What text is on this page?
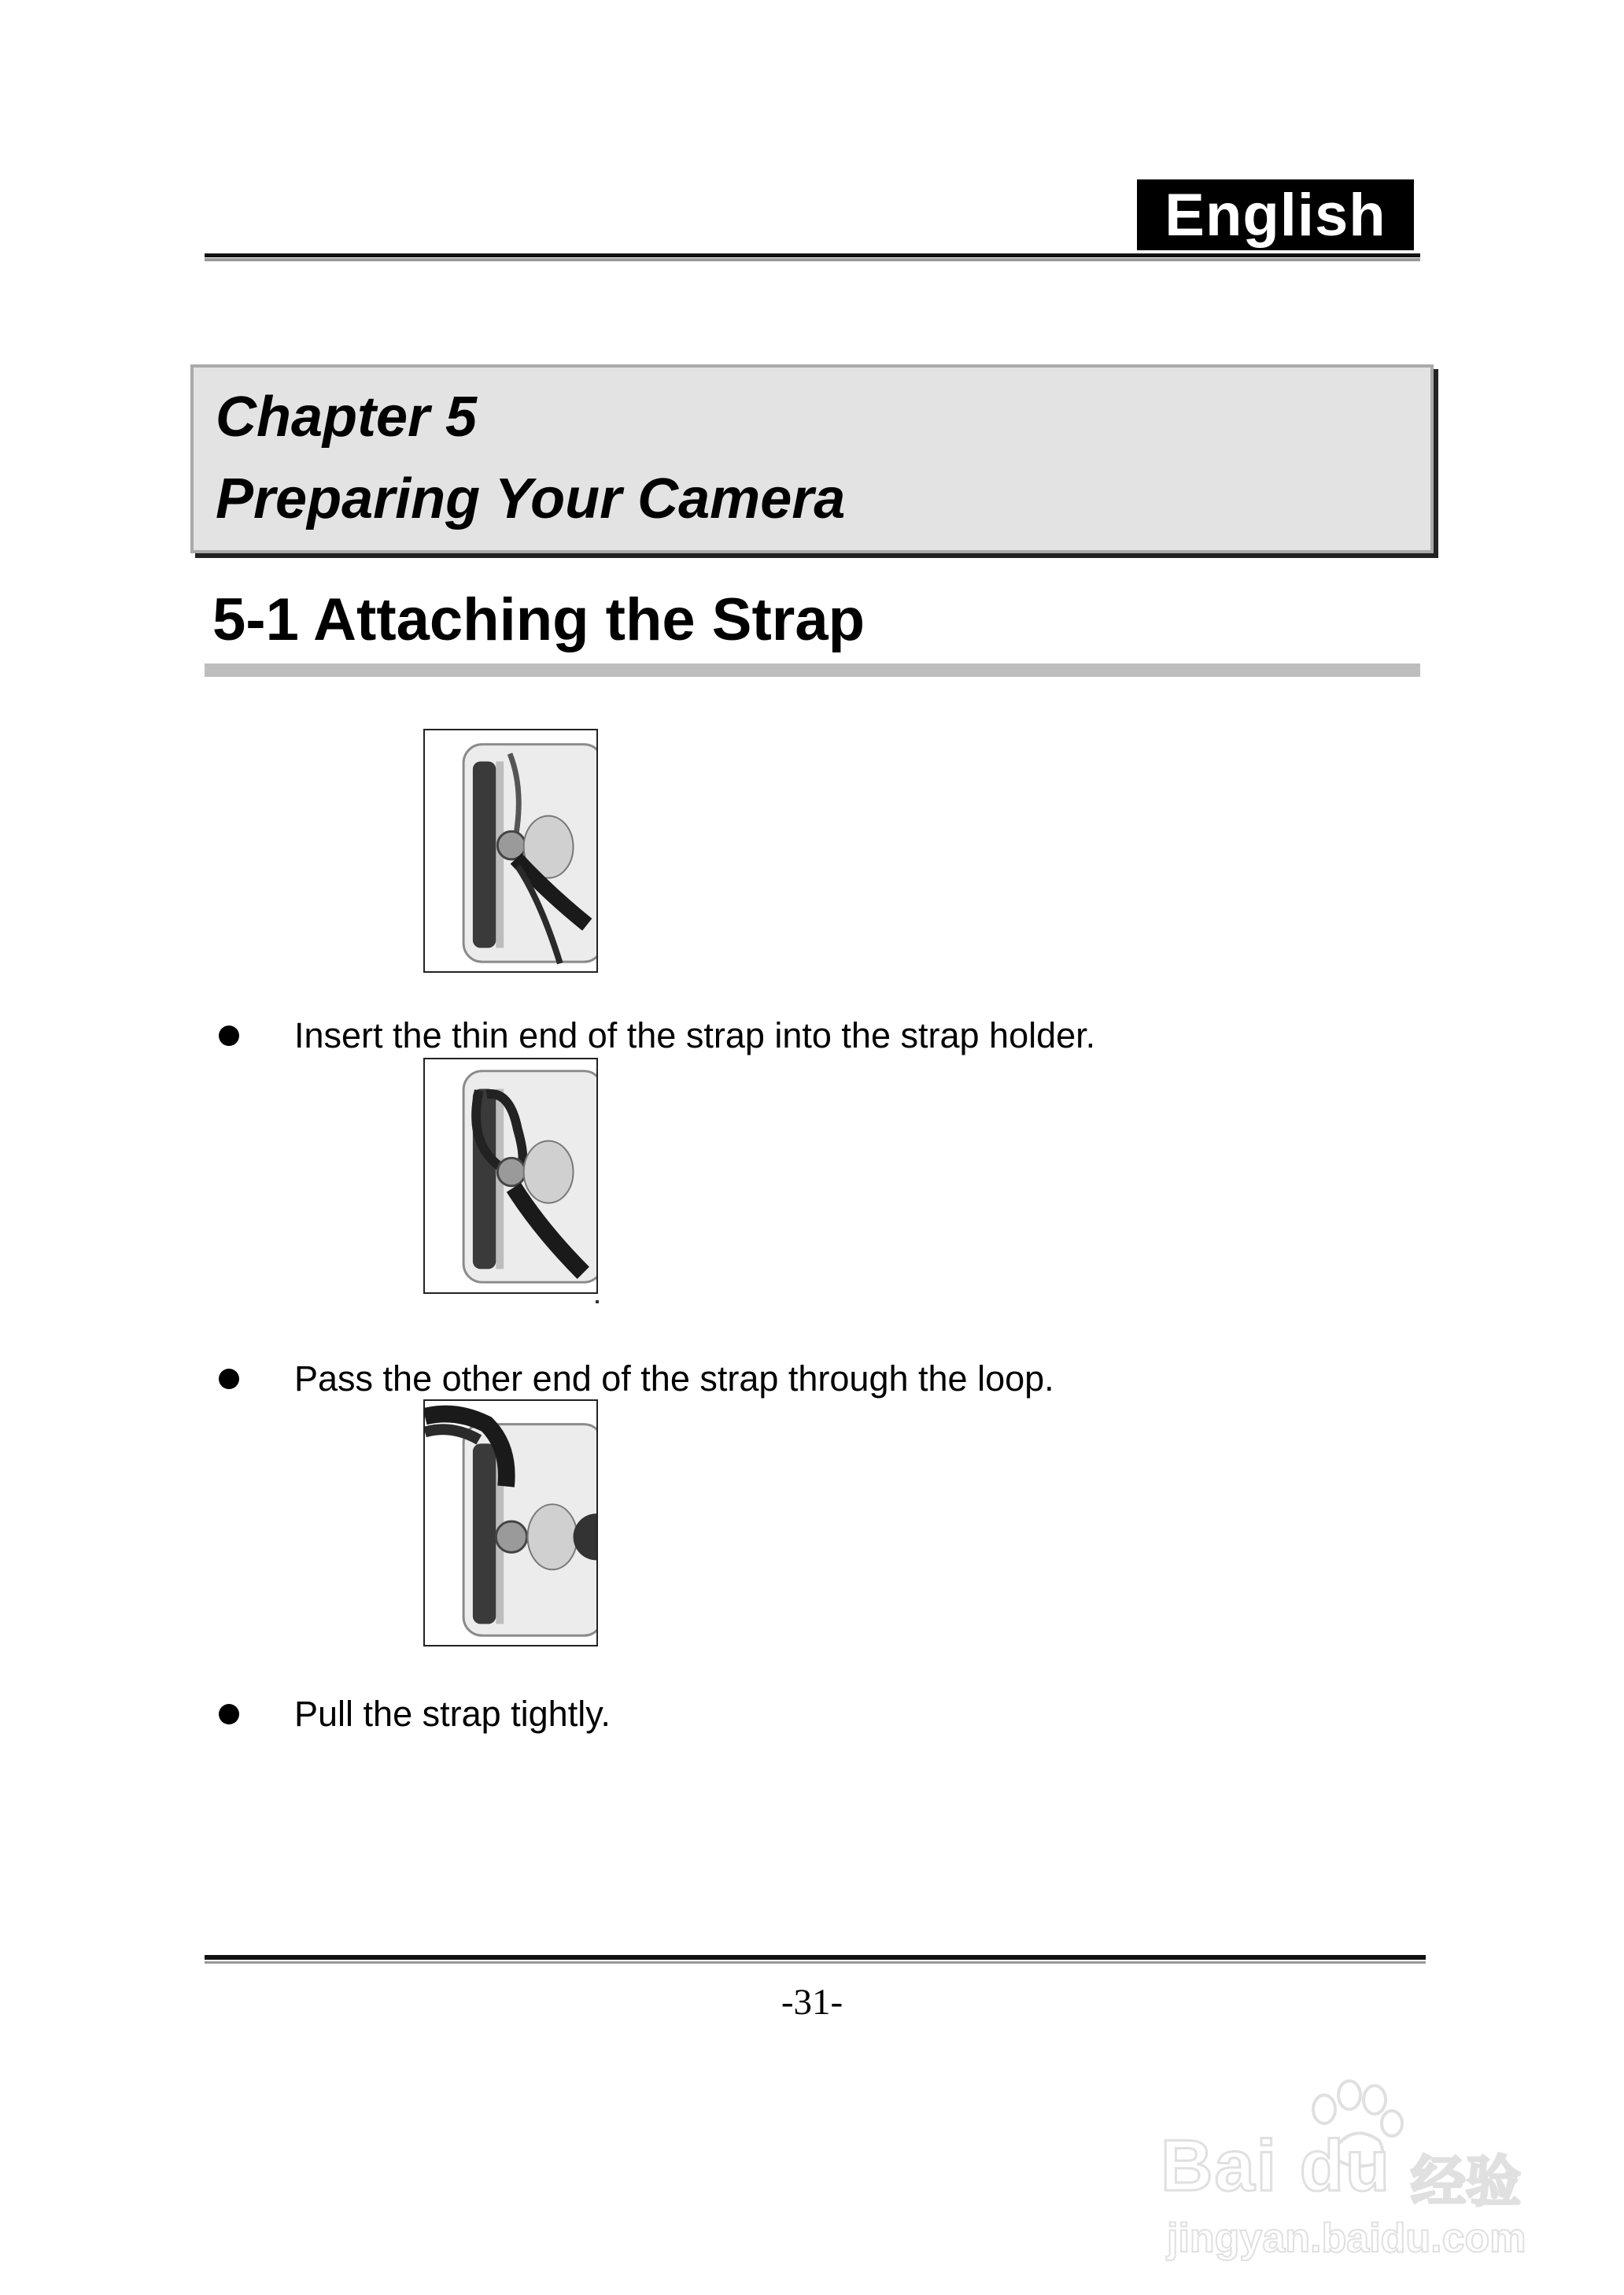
English
Chapter 5
Preparing Your Camera
5-1 Attaching the Strap
Insert the thin end of the strap into the strap holder.
Pass the other end of the strap through the loop.
Pull the strap tightly.
-31-
Bai du 经验
jingyan.baidu.com
